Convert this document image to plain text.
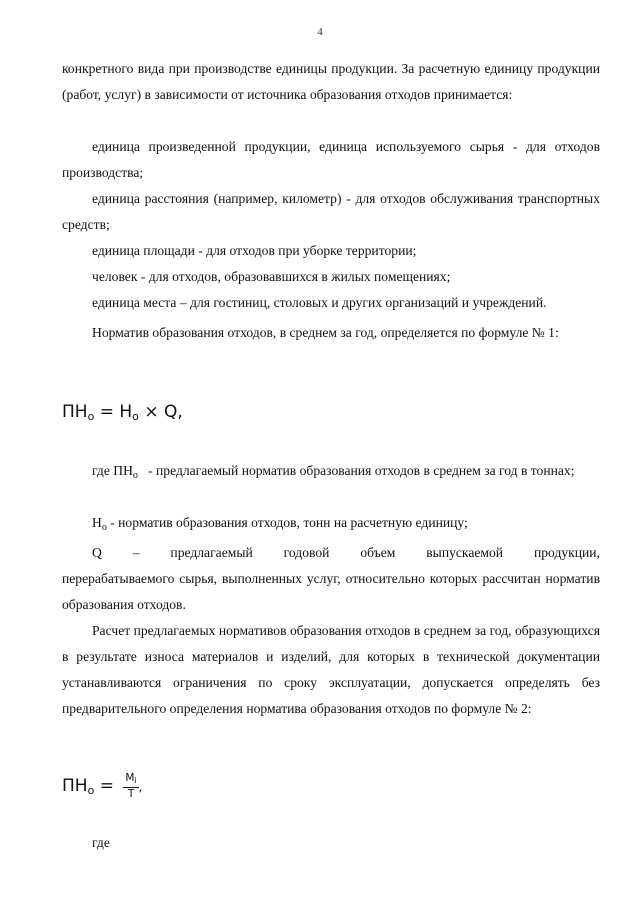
4

конкретного вида при производстве единицы продукции. За расчетную единицу продукции (работ, услуг) в зависимости от источника образования отходов принимается:

единица произведенной продукции, единица используемого сырья - для отходов производства;

единица расстояния (например, километр) - для отходов обслуживания транспортных средств;

единица площади - для отходов при уборке территории;

человек - для отходов, образовавшихся в жилых помещениях;

единица места – для гостиниц, столовых и других организаций и учреждений.

Норматив образования отходов, в среднем за год, определяется по формуле № 1:

$ПН_о = Н_о \times Q$,

где $ПН_о$ - предлагаемый норматив образования отходов в среднем за год в тоннах;

$Н_о$ - норматив образования отходов, тонн на расчетную единицу;

Q – предлагаемый годовой объем выпускаемой продукции,

перерабатываемого сырья, выполненных услуг, относительно которых рассчитан норматив образования отходов.

Расчет предлагаемых нормативов образования отходов в среднем за год, образующихся в результате износа материалов и изделий, для которых в технической документации устанавливаются ограничения по сроку эксплуатации, допускается определять без предварительного определения норматива образования отходов по формуле № 2:

$ПН_о = \frac{M_i}{T}$ ,

где
